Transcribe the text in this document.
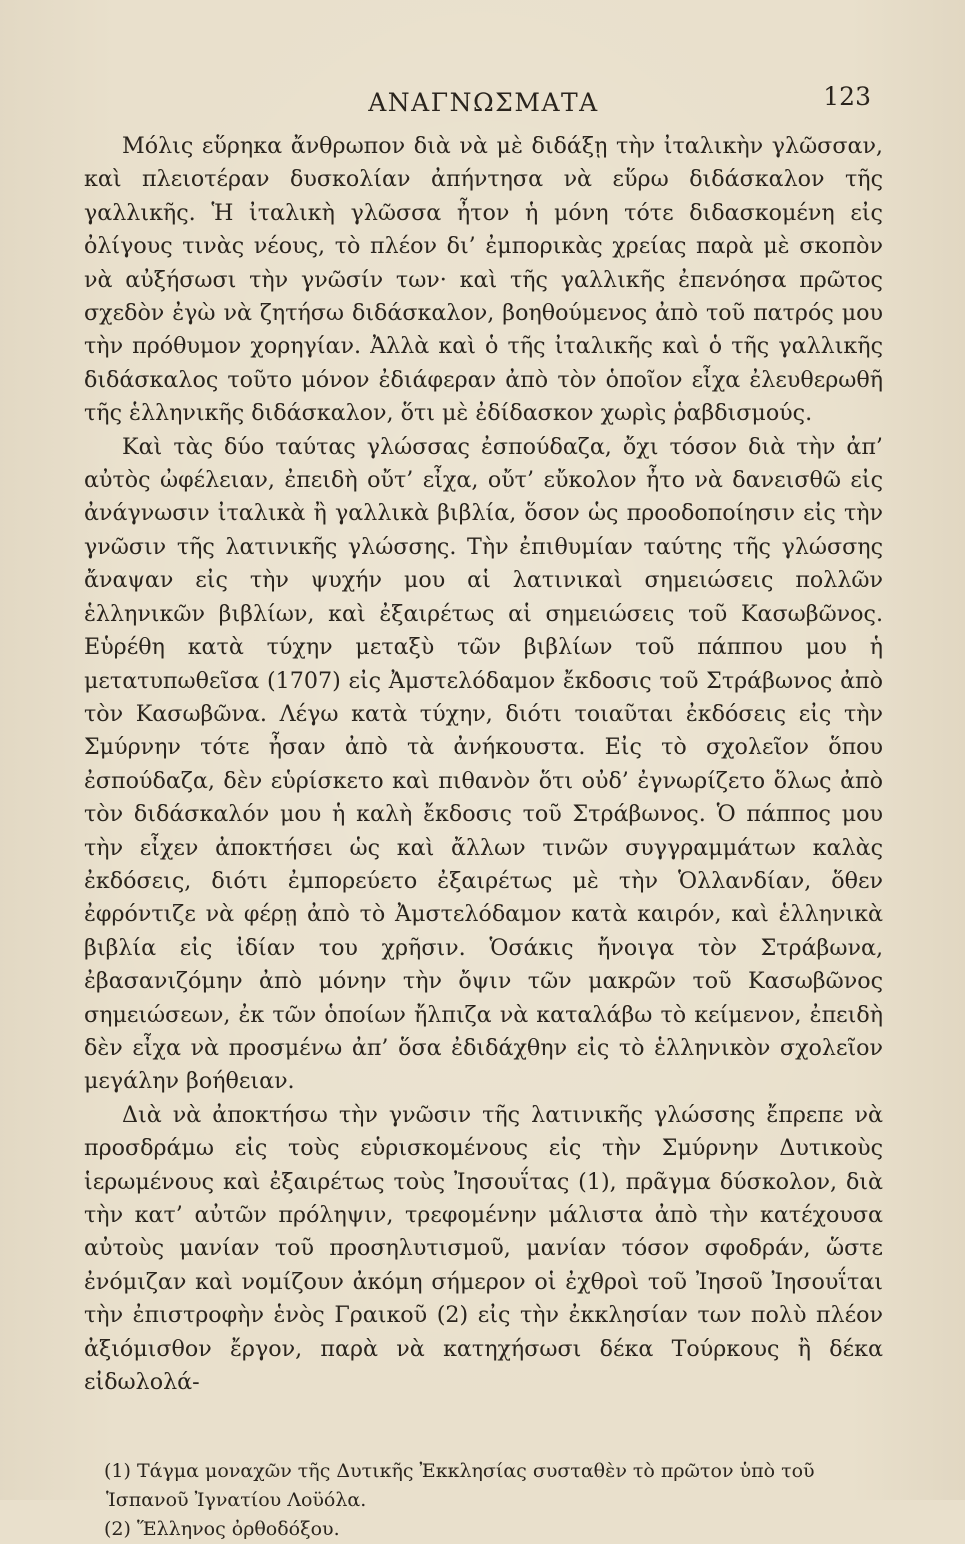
ΑΝΑΓΝΩΣΜΑΤΑ	123

Μόλις εὕρηκα ἄνθρωπον διὰ νὰ μὲ διδάξῃ τὴν ἰταλικὴν γλῶσσαν, καὶ πλειοτέραν δυσκολίαν ἀπήντησα νὰ εὕρω διδάσκαλον τῆς γαλλικῆς. Ἡ ἰταλικὴ γλῶσσα ἦτον ἡ μόνη τότε διδασκομένη εἰς ὀλίγους τινὰς νέους, τὸ πλέον δι’ ἐμπορικὰς χρείας παρὰ μὲ σκοπὸν νὰ αὐξήσωσι τὴν γνῶσίν των· καὶ τῆς γαλλικῆς ἐπενόησα πρῶτος σχεδὸν ἐγὼ νὰ ζητήσω διδάσκαλον, βοηθούμενος ἀπὸ τοῦ πατρός μου τὴν πρόθυμον χορηγίαν. Ἀλλὰ καὶ ὁ τῆς ἰταλικῆς καὶ ὁ τῆς γαλλικῆς διδάσκαλος τοῦτο μόνον ἐδιάφεραν ἀπὸ τὸν ὁποῖον εἶχα ἐλευθερωθῆ τῆς ἑλληνικῆς διδάσκαλον, ὅτι μὲ ἐδίδασκον χωρὶς ῥαβδισμούς.

Καὶ τὰς δύο ταύτας γλώσσας ἐσπούδαζα, ὄχι τόσον διὰ τὴν ἀπ’ αὐτὸς ὠφέλειαν, ἐπειδὴ οὔτ’ εἶχα, οὔτ’ εὔκολον ἦτο νὰ δανεισθῶ εἰς ἀνάγνωσιν ἰταλικὰ ἢ γαλλικὰ βιβλία, ὅσον ὡς προοδοποίησιν εἰς τὴν γνῶσιν τῆς λατινικῆς γλώσσης. Τὴν ἐπιθυμίαν ταύτης τῆς γλώσσης ἄναψαν εἰς τὴν ψυχήν μου αἱ λατινικαὶ σημειώσεις πολλῶν ἑλληνικῶν βιβλίων, καὶ ἐξαιρέτως αἱ σημειώσεις τοῦ Κασωβῶνος. Εὑρέθη κατὰ τύχην μεταξὺ τῶν βιβλίων τοῦ πάππου μου ἡ μετατυπωθεῖσα (1707) εἰς Ἀμστελόδαμον ἔκδοσις τοῦ Στράβωνος ἀπὸ τὸν Κασωβῶνα. Λέγω κατὰ τύχην, διότι τοιαῦται ἐκδόσεις εἰς τὴν Σμύρνην τότε ἦσαν ἀπὸ τὰ ἀνήκουστα. Εἰς τὸ σχολεῖον ὅπου ἐσπούδαζα, δὲν εὑρίσκετο καὶ πιθανὸν ὅτι οὐδ’ ἐγνωρίζετο ὅλως ἀπὸ τὸν διδάσκαλόν μου ἡ καλὴ ἔκδοσις τοῦ Στράβωνος. Ὁ πάππος μου τὴν εἶχεν ἀποκτήσει ὡς καὶ ἄλλων τινῶν συγγραμμάτων καλὰς ἐκδόσεις, διότι ἐμπορεύετο ἐξαιρέτως μὲ τὴν Ὁλλανδίαν, ὅθεν ἐφρόντιζε νὰ φέρῃ ἀπὸ τὸ Ἀμστελόδαμον κατὰ καιρόν, καὶ ἑλληνικὰ βιβλία εἰς ἰδίαν του χρῆσιν. Ὁσάκις ἤνοιγα τὸν Στράβωνα, ἐβασανιζόμην ἀπὸ μόνην τὴν ὄψιν τῶν μακρῶν τοῦ Κασωβῶνος σημειώσεων, ἐκ τῶν ὁποίων ἤλπιζα νὰ καταλάβω τὸ κείμενον, ἐπειδὴ δὲν εἶχα νὰ προσμένω ἀπ’ ὅσα ἐδιδάχθην εἰς τὸ ἑλληνικὸν σχολεῖον μεγάλην βοήθειαν.

Διὰ νὰ ἀποκτήσω τὴν γνῶσιν τῆς λατινικῆς γλώσσης ἔπρεπε νὰ προσδράμω εἰς τοὺς εὑρισκομένους εἰς τὴν Σμύρνην Δυτικοὺς ἱερωμένους καὶ ἐξαιρέτως τοὺς Ἰησουΐτας (1), πρᾶγμα δύσκολον, διὰ τὴν κατ’ αὐτῶν πρόληψιν, τρεφομένην μάλιστα ἀπὸ τὴν κατέχουσα αὐτοὺς μανίαν τοῦ προσηλυτισμοῦ, μανίαν τόσον σφοδράν, ὥστε ἐνόμιζαν καὶ νομίζουν ἀκόμη σήμερον οἱ ἐχθροὶ τοῦ Ἰησοῦ Ἰησουΐται τὴν ἐπιστροφὴν ἑνὸς Γραικοῦ (2) εἰς τὴν ἐκκλησίαν των πολὺ πλέον ἀξιόμισθον ἔργον, παρὰ νὰ κατηχήσωσι δέκα Τούρκους ἢ δέκα εἰδωλολά-

(1) Τάγμα μοναχῶν τῆς Δυτικῆς Ἐκκλησίας συσταθὲν τὸ πρῶτον ὑπὸ τοῦ Ἱσπανοῦ Ἰγνατίου Λοϋόλα.

(2) Ἕλληνος ὀρθοδόξου.
